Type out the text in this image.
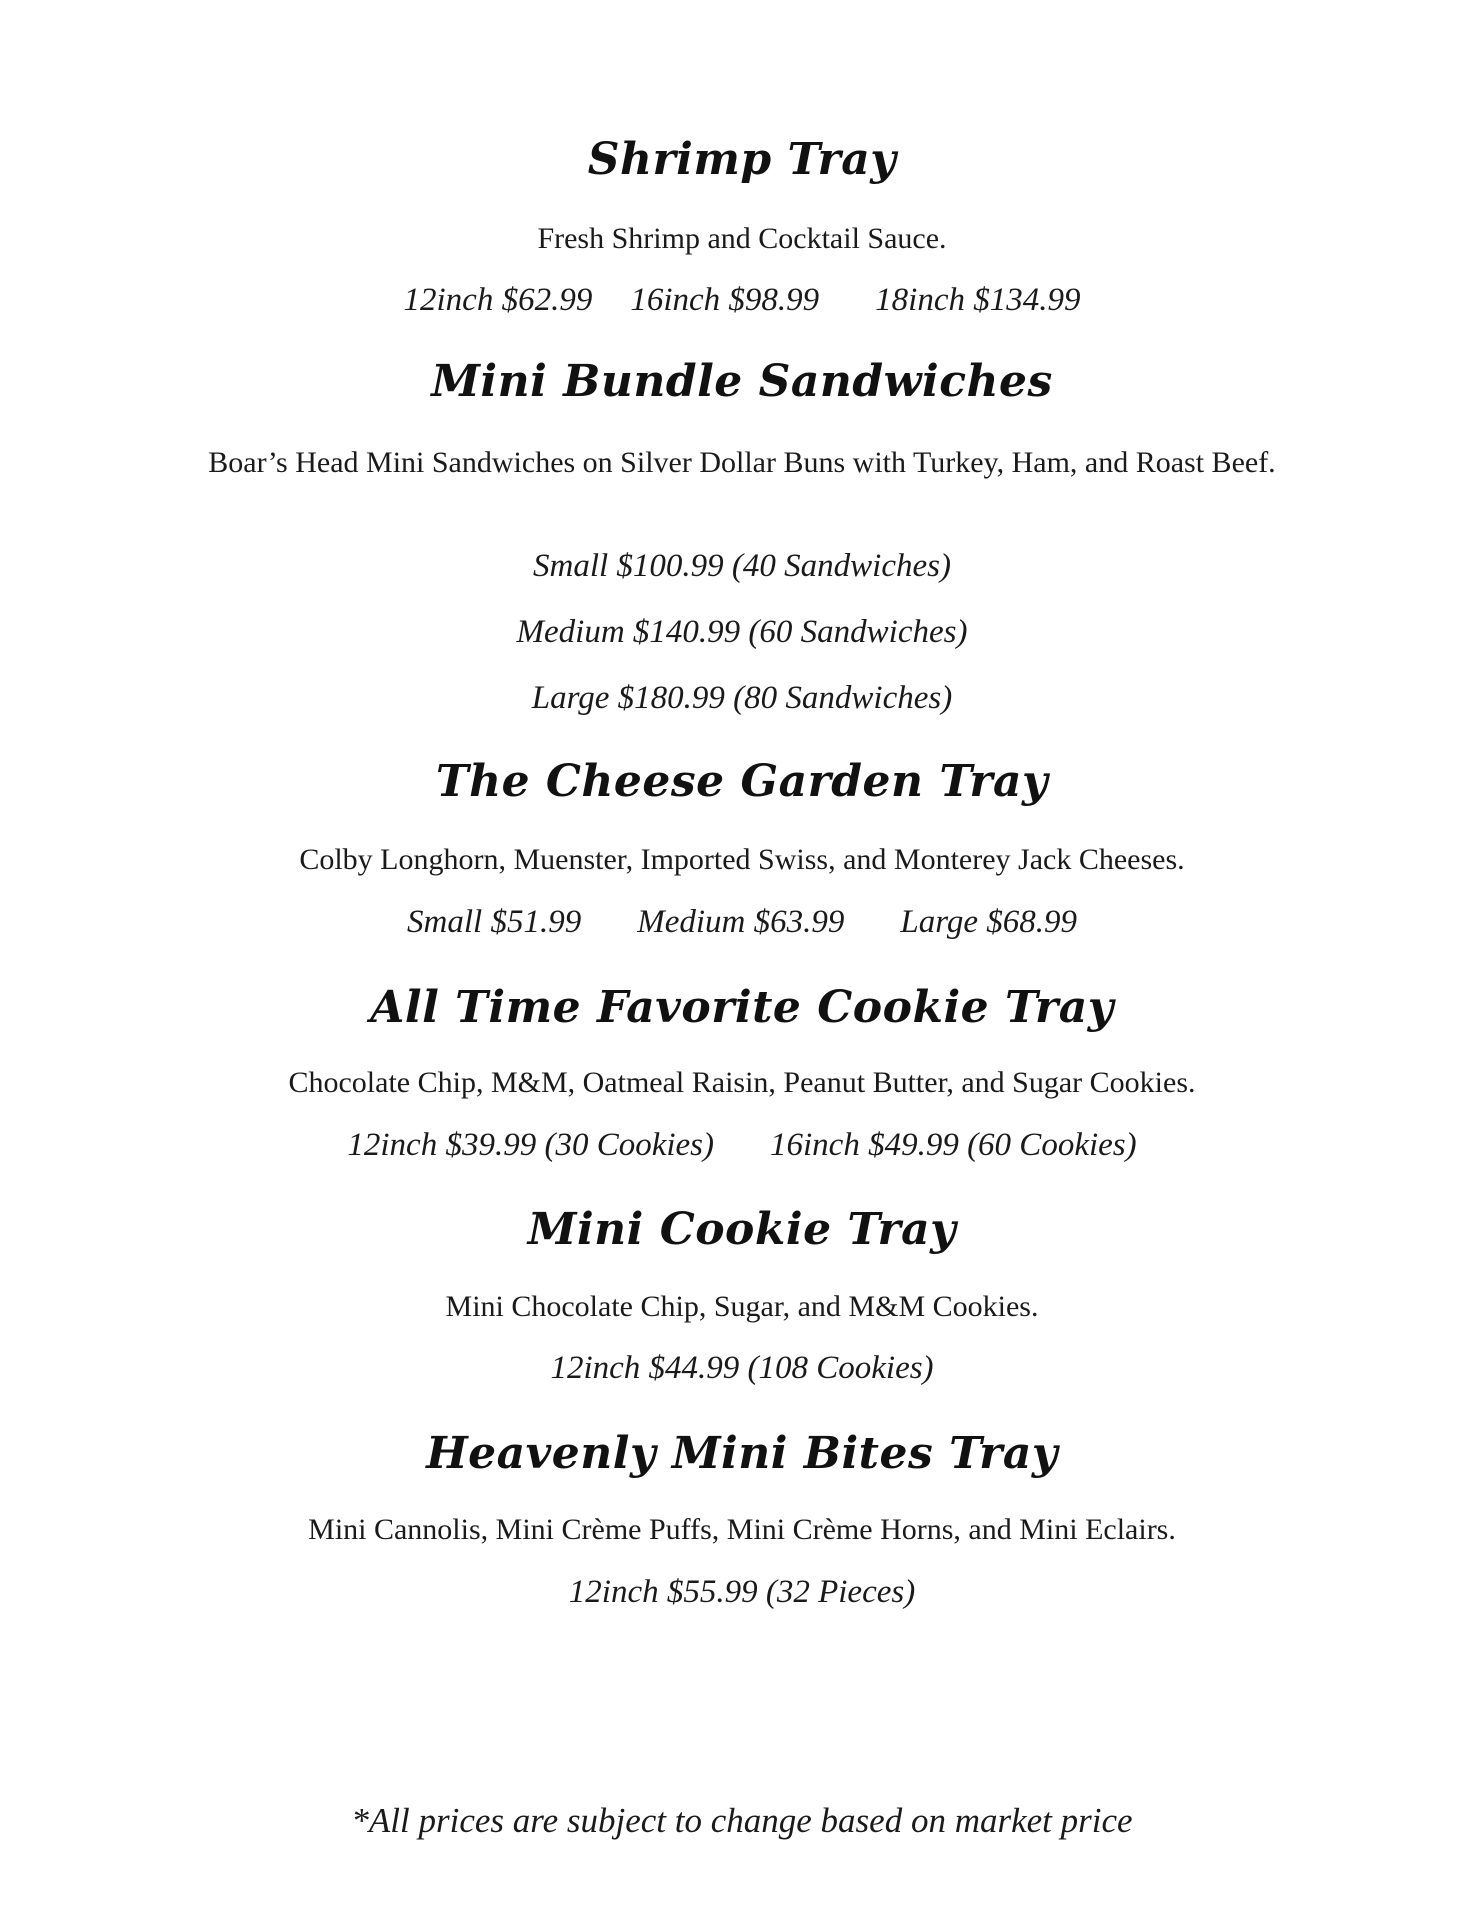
Shrimp Tray
Fresh Shrimp and Cocktail Sauce.
12inch $62.99 16inch $98.99 18inch $134.99
Mini Bundle Sandwiches
Boar’s Head Mini Sandwiches on Silver Dollar Buns with Turkey, Ham, and Roast Beef.
Small $100.99 (40 Sandwiches)
Medium $140.99 (60 Sandwiches)
Large $180.99 (80 Sandwiches)
The Cheese Garden Tray
Colby Longhorn, Muenster, Imported Swiss, and Monterey Jack Cheeses.
Small $51.99 Medium $63.99 Large $68.99
All Time Favorite Cookie Tray
Chocolate Chip, M&M, Oatmeal Raisin, Peanut Butter, and Sugar Cookies.
12inch $39.99 (30 Cookies) 16inch $49.99 (60 Cookies)
Mini Cookie Tray
Mini Chocolate Chip, Sugar, and M&M Cookies.
12inch $44.99 (108 Cookies)
Heavenly Mini Bites Tray
Mini Cannolis, Mini Crème Puffs, Mini Crème Horns, and Mini Eclairs.
12inch $55.99 (32 Pieces)
*All prices are subject to change based on market price
